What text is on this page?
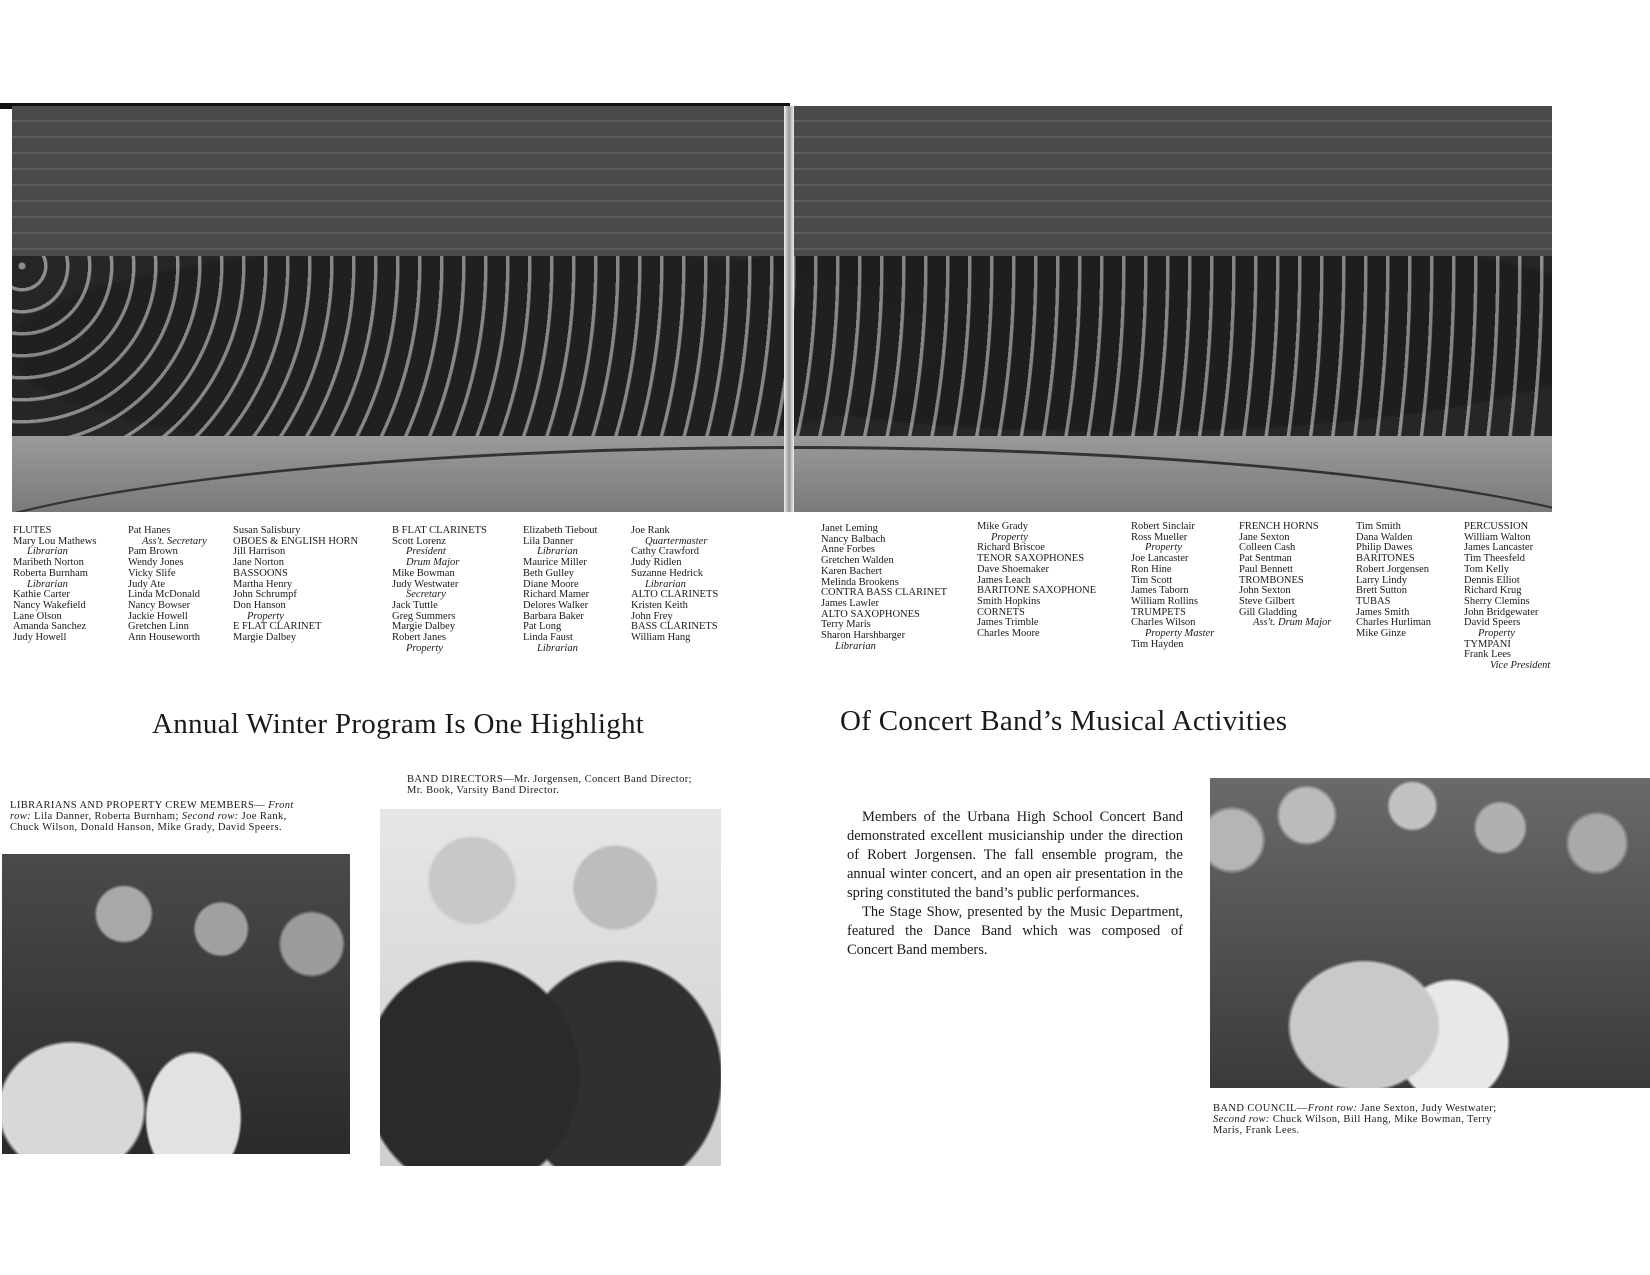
FLUTES
Mary Lou Mathews
Librarian
Maribeth Norton
Roberta Burnham
Librarian
Kathie Carter
Nancy Wakefield
Lane Olson
Amanda Sanchez
Judy Howell
Pat Hanes
Ass't. Secretary
Pam Brown
Wendy Jones
Vicky Slife
Judy Ate
Linda McDonald
Nancy Bowser
Jackie Howell
Gretchen Linn
Ann Houseworth
Susan Salisbury
OBOES & ENGLISH HORN
Jill Harrison
Jane Norton
BASSOONS
Martha Henry
John Schrumpf
Don Hanson
Property
E FLAT CLARINET
Margie Dalbey
B FLAT CLARINETS
Scott Lorenz
President
Drum Major
Mike Bowman
Judy Westwater
Secretary
Jack Tuttle
Greg Summers
Margie Dalbey
Robert Janes
Property
Elizabeth Tiebout
Lila Danner
Librarian
Maurice Miller
Beth Gulley
Diane Moore
Richard Mamer
Delores Walker
Barbara Baker
Pat Long
Linda Faust
Librarian
Joe Rank
Quartermaster
Cathy Crawford
Judy Ridlen
Suzanne Hedrick
Librarian
ALTO CLARINETS
Kristen Keith
John Frey
BASS CLARINETS
William Hang
Janet Leming
Nancy Balbach
Anne Forbes
Gretchen Walden
Karen Bachert
Melinda Brookens
CONTRA BASS CLARINET
James Lawler
ALTO SAXOPHONES
Terry Maris
Sharon Harshbarger
Librarian
Mike Grady
Property
Richard Briscoe
TENOR SAXOPHONES
Dave Shoemaker
James Leach
BARITONE SAXOPHONE
Smith Hopkins
CORNETS
James Trimble
Charles Moore
Robert Sinclair
Ross Mueller
Property
Joe Lancaster
Ron Hine
Tim Scott
James Taborn
William Rollins
TRUMPETS
Charles Wilson
Property Master
Tim Hayden
FRENCH HORNS
Jane Sexton
Colleen Cash
Pat Sentman
Paul Bennett
TROMBONES
John Sexton
Steve Gilbert
Gill Gladding
Ass't. Drum Major
Tim Smith
Dana Walden
Philip Dawes
BARITONES
Robert Jorgensen
Larry Lindy
Brett Sutton
TUBAS
James Smith
Charles Hurliman
Mike Ginze
PERCUSSION
William Walton
James Lancaster
Tim Theesfeld
Tom Kelly
Dennis Elliot
Richard Krug
Sherry Clemins
John Bridgewater
David Speers
Property
TYMPANI
Frank Lees
Vice President
Annual Winter Program Is One Highlight	Of Concert Band’s Musical Activities
LIBRARIANS AND PROPERTY CREW MEMBERS— Front row: Lila Danner, Roberta Burnham; Second row: Joe Rank, Chuck Wilson, Donald Hanson, Mike Grady, David Speers.
BAND DIRECTORS—Mr. Jorgensen, Concert Band Director; Mr. Book, Varsity Band Director.

Members of the Urbana High School Concert Band demonstrated excellent musicianship under the direction of Robert Jorgensen. The fall ensemble program, the annual winter concert, and an open air presentation in the spring constituted the band’s public performances.

The Stage Show, presented by the Music Department, featured the Dance Band which was composed of Concert Band members.

BAND COUNCIL—Front row: Jane Sexton, Judy Westwater; Second row: Chuck Wilson, Bill Hang, Mike Bowman, Terry Maris, Frank Lees.
